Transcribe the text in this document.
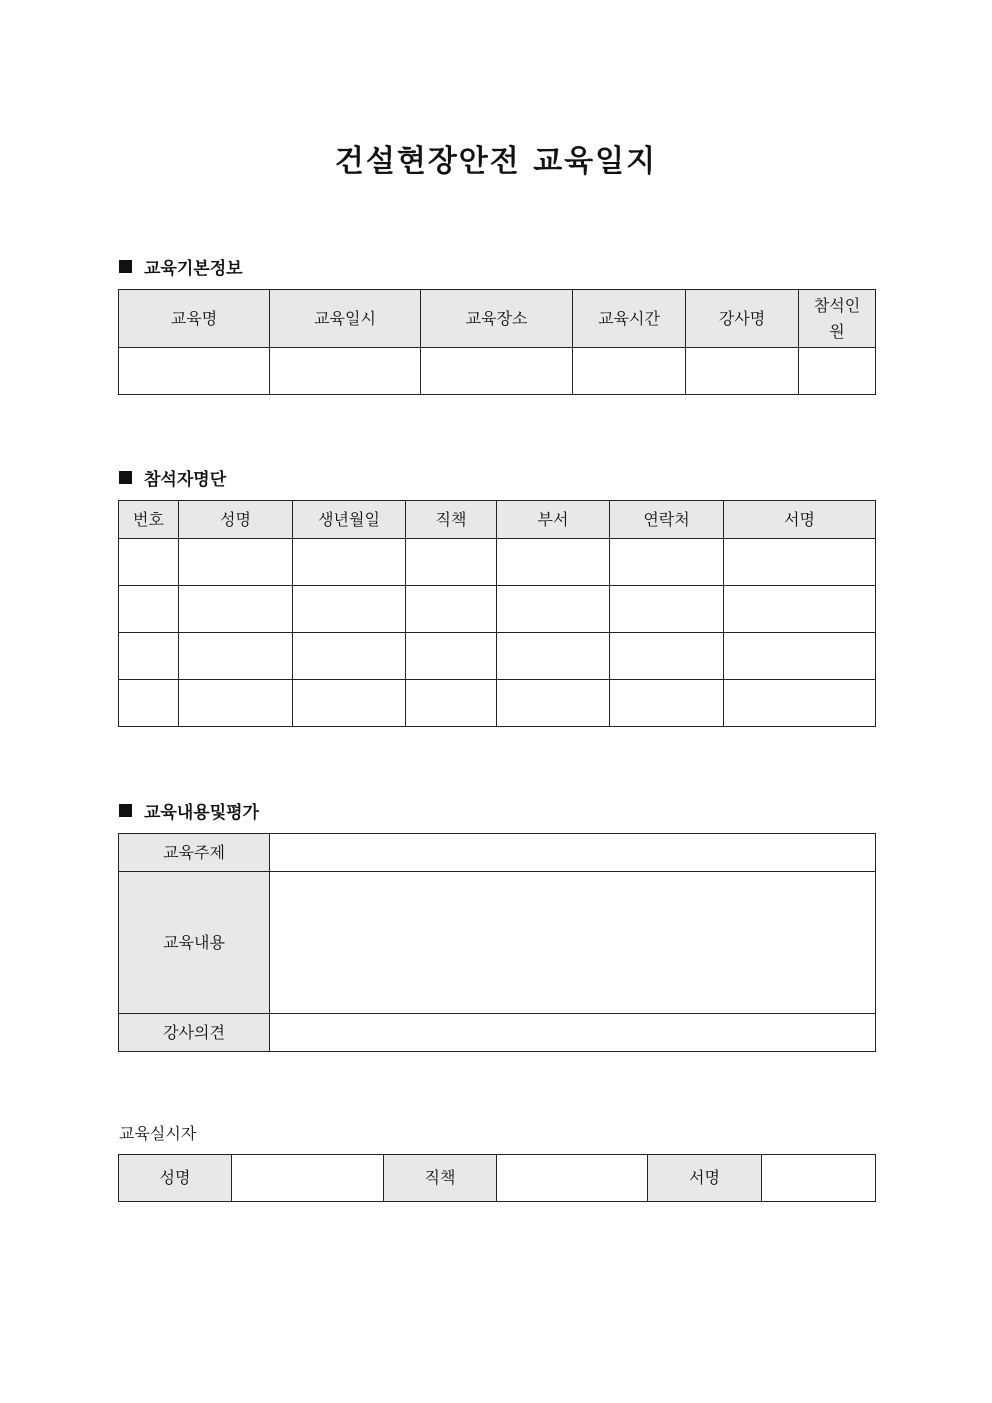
건설현장안전 교육일지
교육기본정보
교육명	교육일시	교육장소	교육시간	강사명	참석인원

참석자명단
번호	성명	생년월일	직책	부서	연락처	서명

교육내용및평가
교육주제	
교육내용	
강사의견	
교육실시자
성명		직책		서명	
